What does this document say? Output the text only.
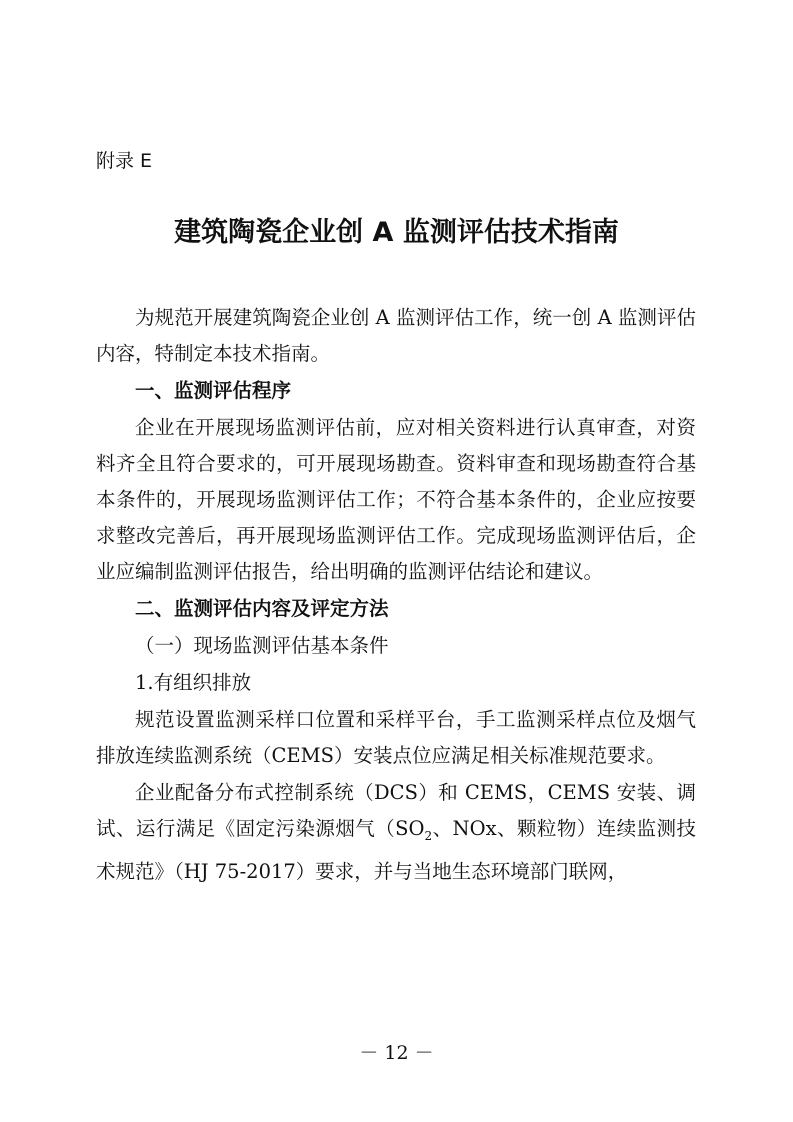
附录 E
建筑陶瓷企业创 A 监测评估技术指南

为规范开展建筑陶瓷企业创 A 监测评估工作，统一创 A 监测评估内容，特制定本技术指南。

一、监测评估程序

企业在开展现场监测评估前，应对相关资料进行认真审查，对资料齐全且符合要求的，可开展现场勘查。资料审查和现场勘查符合基本条件的，开展现场监测评估工作；不符合基本条件的，企业应按要求整改完善后，再开展现场监测评估工作。完成现场监测评估后，企业应编制监测评估报告，给出明确的监测评估结论和建议。

二、监测评估内容及评定方法

（一）现场监测评估基本条件

1.有组织排放

规范设置监测采样口位置和采样平台，手工监测采样点位及烟气排放连续监测系统（CEMS）安装点位应满足相关标准规范要求。

企业配备分布式控制系统（DCS）和 CEMS，CEMS 安装、调试、运行满足《固定污染源烟气（$SO_2$、NOx、颗粒物）连续监测技术规范》（HJ 75-2017）要求，并与当地生态环境部门联网，

－ 12 －
